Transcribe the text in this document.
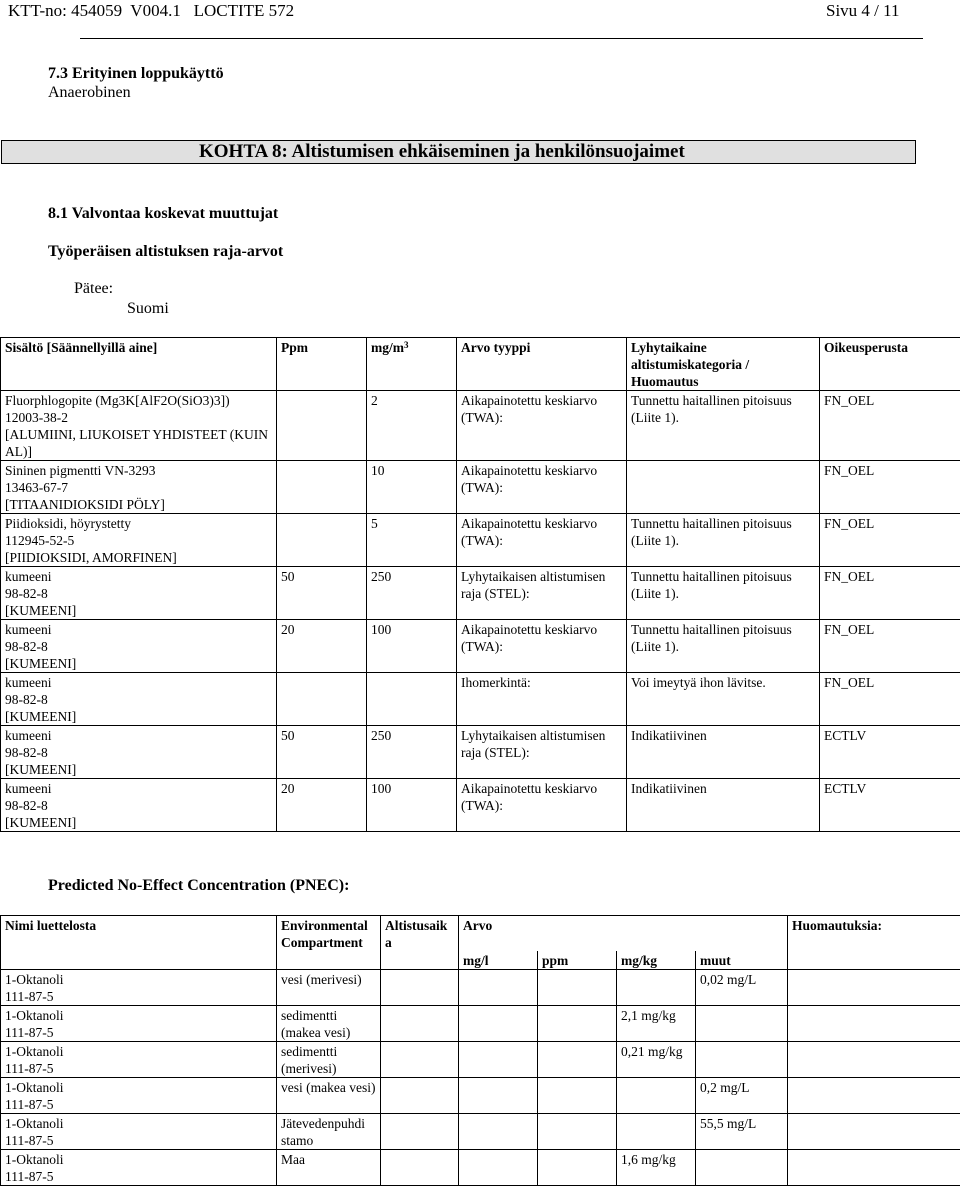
KTT-no: 454059  V004.1   LOCTITE 572	Sivu 4 / 11
7.3 Erityinen loppukäyttö
Anaerobinen
KOHTA 8: Altistumisen ehkäiseminen ja henkilönsuojaimet
8.1 Valvontaa koskevat muuttujat
Työperäisen altistuksen raja-arvot
Pätee:
Suomi
Sisältö [Säännellyillä aine]	Ppm	$mg/m^3$	Arvo tyyppi	Lyhytaikaine altistumiskategoria / Huomautus	Oikeusperusta
Fluorphlogopite (Mg3K[AlF2O(SiO3)3])
12003-38-2
[ALUMIINI, LIUKOISET YHDISTEET (KUIN AL)]		2	Aikapainotettu keskiarvo (TWA):	Tunnettu haitallinen pitoisuus (Liite 1).	FN_OEL
Sininen pigmentti VN-3293
13463-67-7
[TITAANIDIOKSIDI PÖLY]		10	Aikapainotettu keskiarvo (TWA):		FN_OEL
Piidioksidi, höyrystetty
112945-52-5
[PIIDIOKSIDI, AMORFINEN]		5	Aikapainotettu keskiarvo (TWA):	Tunnettu haitallinen pitoisuus (Liite 1).	FN_OEL
kumeeni
98-82-8
[KUMEENI]	50	250	Lyhytaikaisen altistumisen raja (STEL):	Tunnettu haitallinen pitoisuus (Liite 1).	FN_OEL
kumeeni
98-82-8
[KUMEENI]	20	100	Aikapainotettu keskiarvo (TWA):	Tunnettu haitallinen pitoisuus (Liite 1).	FN_OEL
kumeeni
98-82-8
[KUMEENI]			Ihomerkintä:	Voi imeytyä ihon lävitse.	FN_OEL
kumeeni
98-82-8
[KUMEENI]	50	250	Lyhytaikaisen altistumisen raja (STEL):	Indikatiivinen	ECTLV
kumeeni
98-82-8
[KUMEENI]	20	100	Aikapainotettu keskiarvo (TWA):	Indikatiivinen	ECTLV
Predicted No-Effect Concentration (PNEC):
Nimi luettelosta	Environmental Compartment	Altistusaik a	Arvo				Huomautuksia:
			mg/l	ppm	mg/kg	muut	
1-Oktanoli
111-87-5	vesi (merivesi)					0,02 mg/L	
1-Oktanoli
111-87-5	sedimentti (makea vesi)				2,1 mg/kg		
1-Oktanoli
111-87-5	sedimentti (merivesi)				0,21 mg/kg		
1-Oktanoli
111-87-5	vesi (makea vesi)					0,2 mg/L	
1-Oktanoli
111-87-5	Jätevedenpuhdi stamo					55,5 mg/L	
1-Oktanoli
111-87-5	Maa				1,6 mg/kg		
